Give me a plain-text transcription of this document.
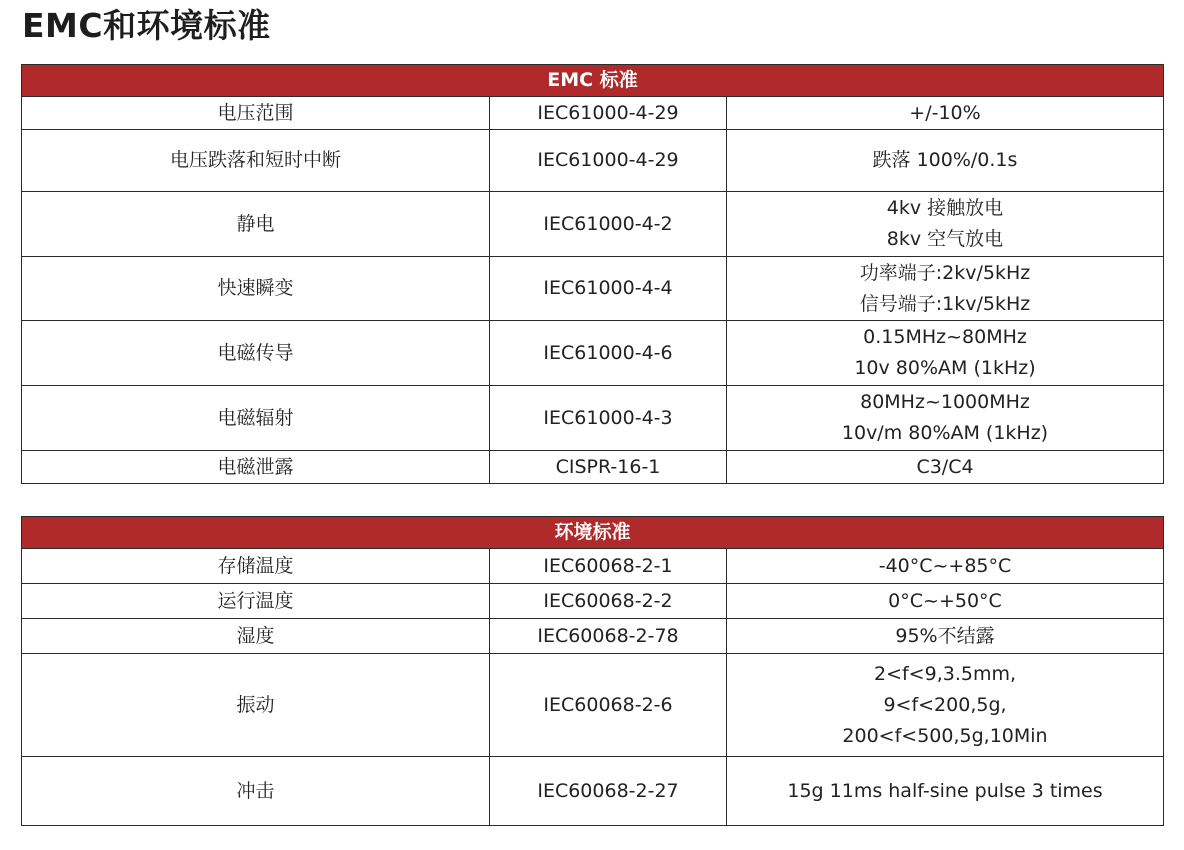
EMC和环境标准
EMC 标准		
电压范围	IEC61000-4-29	+/-10%

电压跌落和短时中断	IEC61000-4-29	跌落 100%/0.1s

静电	IEC61000-4-2	4kv 接触放电
8kv 空气放电

快速瞬变	IEC61000-4-4	功率端子:2kv/5kHz
信号端子:1kv/5kHz

电磁传导	IEC61000-4-6	0.15MHz~80MHz
10v 80%AM (1kHz)

电磁辐射	IEC61000-4-3	80MHz~1000MHz
10v/m 80%AM (1kHz)

电磁泄露	CISPR-16-1	C3/C4
环境标准		
存储温度	IEC60068-2-1	-40°C~+85°C

运行温度	IEC60068-2-2	0°C~+50°C

湿度	IEC60068-2-78	95%不结露

振动	IEC60068-2-6	2<f<9,3.5mm,
9<f<200,5g,
200<f<500,5g,10Min

冲击	IEC60068-2-27	15g 11ms half-sine pulse 3 times
